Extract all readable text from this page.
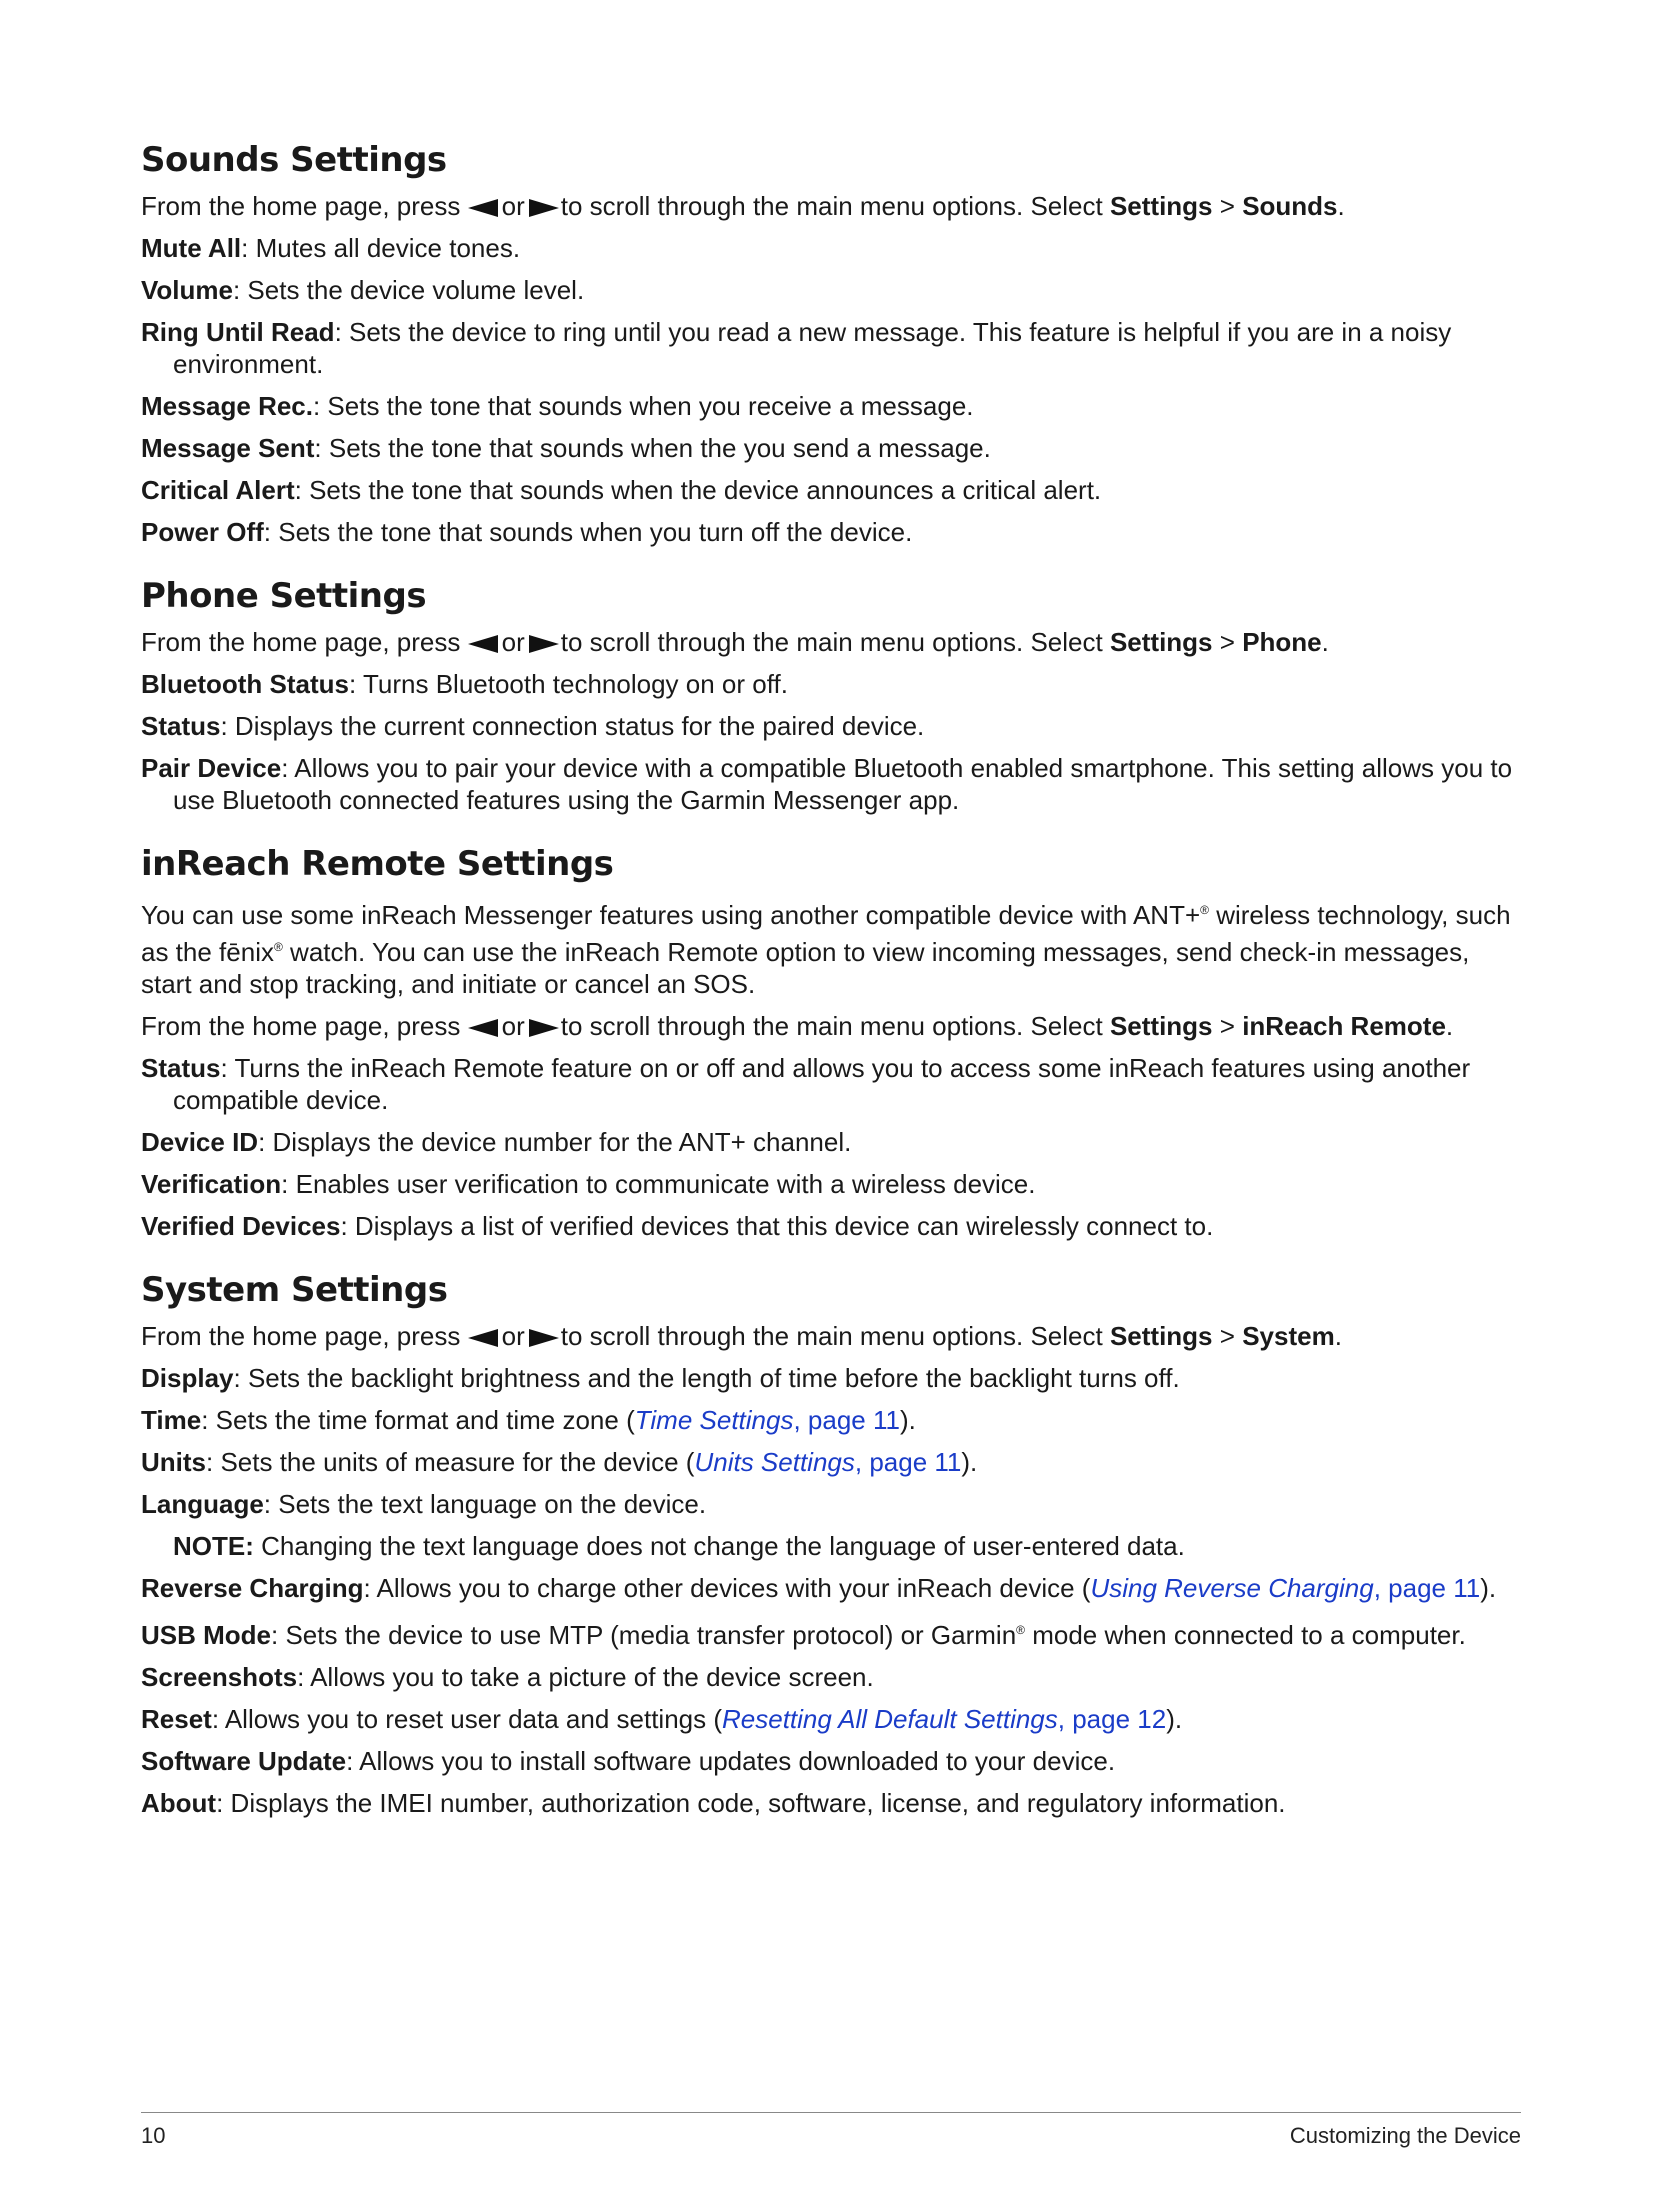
Sounds Settings

From the home page, press or to scroll through the main menu options. Select Settings > Sounds.

Mute All: Mutes all device tones.

Volume: Sets the device volume level.

Ring Until Read: Sets the device to ring until you read a new message. This feature is helpful if you are in a noisy environment.

Message Rec.: Sets the tone that sounds when you receive a message.

Message Sent: Sets the tone that sounds when the you send a message.

Critical Alert: Sets the tone that sounds when the device announces a critical alert.

Power Off: Sets the tone that sounds when you turn off the device.

Phone Settings

From the home page, press or to scroll through the main menu options. Select Settings > Phone.

Bluetooth Status: Turns Bluetooth technology on or off.

Status: Displays the current connection status for the paired device.

Pair Device: Allows you to pair your device with a compatible Bluetooth enabled smartphone. This setting allows you to use Bluetooth connected features using the Garmin Messenger app.

inReach Remote Settings

You can use some inReach Messenger features using another compatible device with ANT+® wireless technology, such as the fēnix® watch. You can use the inReach Remote option to view incoming messages, send check-in messages, start and stop tracking, and initiate or cancel an SOS.

From the home page, press or to scroll through the main menu options. Select Settings > inReach Remote.

Status: Turns the inReach Remote feature on or off and allows you to access some inReach features using another compatible device.

Device ID: Displays the device number for the ANT+ channel.

Verification: Enables user verification to communicate with a wireless device.

Verified Devices: Displays a list of verified devices that this device can wirelessly connect to.

System Settings

From the home page, press or to scroll through the main menu options. Select Settings > System.

Display: Sets the backlight brightness and the length of time before the backlight turns off.

Time: Sets the time format and time zone (Time Settings, page 11).

Units: Sets the units of measure for the device (Units Settings, page 11).

Language: Sets the text language on the device.

NOTE: Changing the text language does not change the language of user-entered data.

Reverse Charging: Allows you to charge other devices with your inReach device (Using Reverse Charging, page 11).

USB Mode: Sets the device to use MTP (media transfer protocol) or Garmin® mode when connected to a computer.

Screenshots: Allows you to take a picture of the device screen.

Reset: Allows you to reset user data and settings (Resetting All Default Settings, page 12).

Software Update: Allows you to install software updates downloaded to your device.

About: Displays the IMEI number, authorization code, software, license, and regulatory information.

10	Customizing the Device
